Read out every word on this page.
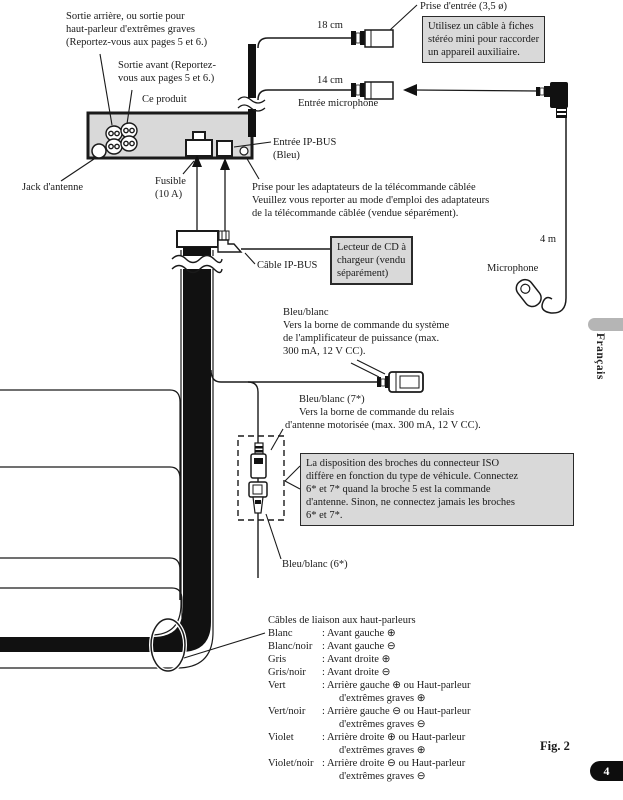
Sortie arrière, ou sortie pour
haut-parleur d'extrêmes graves
(Reportez-vous aux pages 5 et 6.)
Sortie avant (Reportez-
vous aux pages 5 et 6.)
Ce produit
Jack d'antenne
Fusible
(10 A)
Prise d'entrée (3,5 ø)
18 cm	Utilisez un câble à fiches
stéréo mini pour raccorder
un appareil auxiliaire.
14 cm
Entrée microphone
Entrée IP-BUS
(Bleu)
Prise pour les adaptateurs de la télécommande câblée
Veuillez vous reporter au mode d'emploi des adaptateurs
de la télécommande câblée (vendue séparément).
Câble IP-BUS
Lecteur de CD à
chargeur (vendu
séparément)
4 m
Microphone
Bleu/blanc
Vers la borne de commande du système
de l'amplificateur de puissance (max.
300 mA, 12 V CC).
Bleu/blanc (7*)
Vers la borne de commande du relais
d'antenne motorisée (max. 300 mA, 12 V CC).
La disposition des broches du connecteur ISO
diffère en fonction du type de véhicule. Connectez
6* et 7* quand la broche 5 est la commande
d'antenne. Sinon, ne connectez jamais les broches
6* et 7*.
Bleu/blanc (6*)
Câbles de liaison aux haut-parleurs
Blanc	: Avant gauche ⊕
Blanc/noir : Avant gauche ⊖
Gris	: Avant droite ⊕
Gris/noir	: Avant droite ⊖
Vert	: Arrière gauche ⊕ ou Haut-parleur
d'extrêmes graves ⊕
Vert/noir	: Arrière gauche ⊖ ou Haut-parleur
d'extrêmes graves ⊖
Violet	: Arrière droite ⊕ ou Haut-parleur
d'extrêmes graves ⊕
Violet/noir : Arrière droite ⊖ ou Haut-parleur
d'extrêmes graves ⊖
Fig. 2
4
Français
